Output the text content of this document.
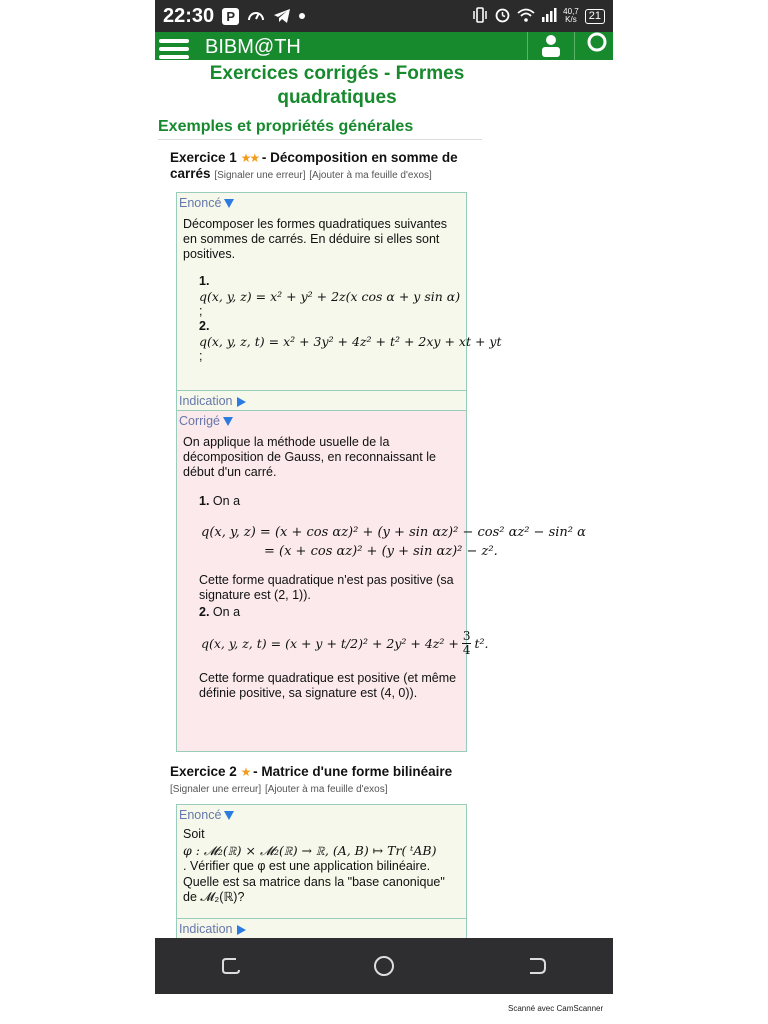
22:30 P	40,7
K/s	21
BIBM@TH
Exercices corrigés - Formes quadratiques
Exemples et propriétés générales
Exercice 1 ★★ - Décomposition en somme de carrés [Signaler une erreur] [Ajouter à ma feuille d'exos]
Enoncé

Décomposer les formes quadratiques suivantes en sommes de carrés. En déduire si elles sont positives.

1.
q(x, y, z) = x² + y² + 2z(x cos α + y sin α)
;
2.
q(x, y, z, t) = x² + 3y² + 4z² + t² + 2xy + xt + yt
;
Indication
Corrigé

On applique la méthode usuelle de la décomposition de Gauss, en reconnaissant le début d'un carré.

1. On a
q(x, y, z) = (x + cos αz)² + (y + sin αz)² − cos² αz² − sin² α
= (x + cos αz)² + (y + sin αz)² − z².

Cette forme quadratique n'est pas positive (sa signature est (2, 1)).

2. On a
q(x, y, z, $t) = (x + y + t/2)^2 + 2y^2 + 4z^2 + \frac{3}{4} t^2$.

Cette forme quadratique est positive (et même définie positive, sa signature est (4, 0)).

Exercice 2 ★ - Matrice d'une forme bilinéaire [Signaler une erreur] [Ajouter à ma feuille d'exos]
Enoncé

Soit

φ : 𝓜₂(ℝ) × 𝓜₂(ℝ) → ℝ, (A, B) ↦ Tr( ᵗAB)

. Vérifier que φ est une application bilinéaire.

Quelle est sa matrice dans la "base canonique" de 𝓜₂(ℝ)?

Indication
Scanné avec CamScanner
